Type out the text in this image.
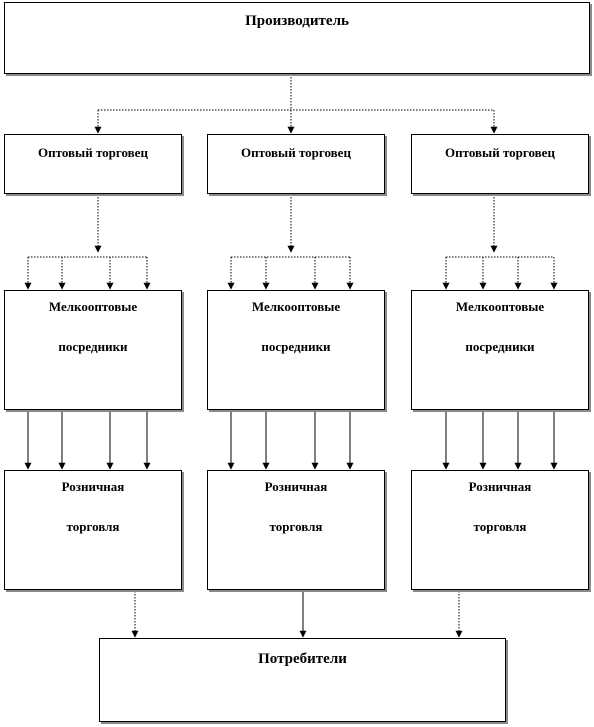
Производитель
Оптовый торговец	Оптовый торговец	Оптовый торговец
Мелкооптовые
посредники
Мелкооптовые
посредники
Мелкооптовые
посредники
Розничная
торговля
Розничная
торговля
Розничная
торговля
Потребители
